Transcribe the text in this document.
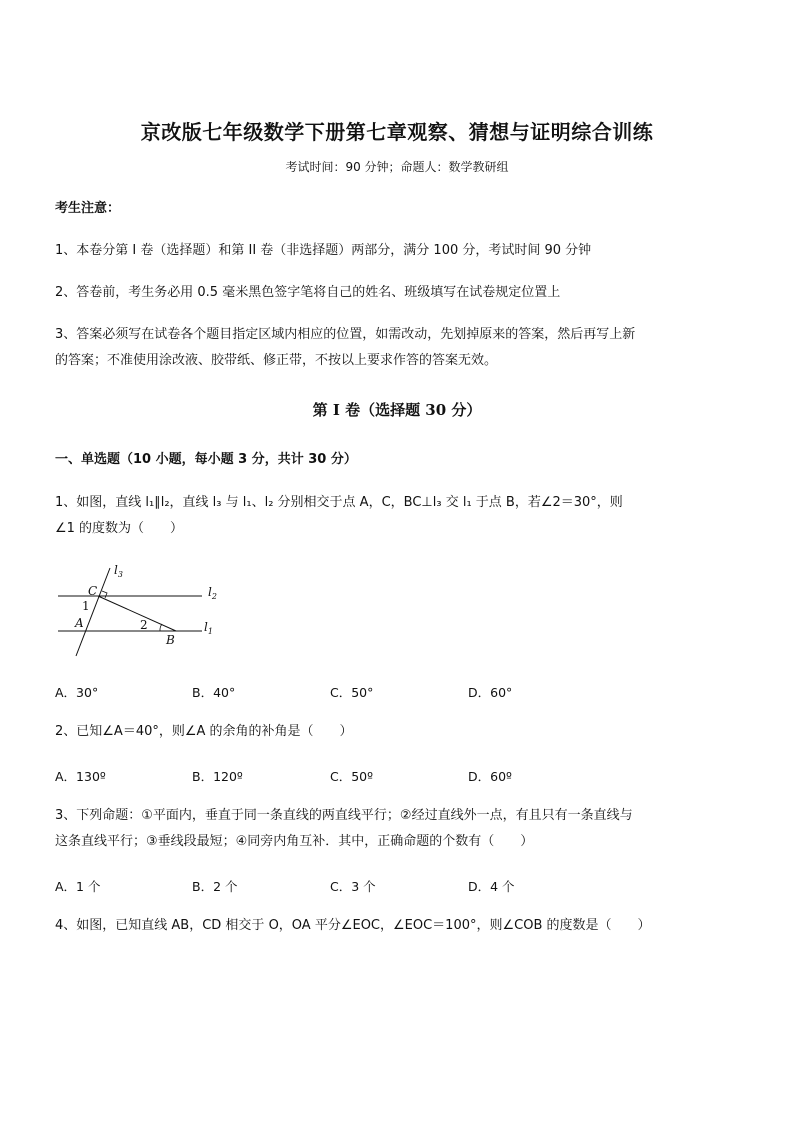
京改版七年级数学下册第七章观察、猜想与证明综合训练
考试时间：90 分钟；命题人：数学教研组
考生注意：
1、本卷分第 I 卷（选择题）和第 II 卷（非选择题）两部分，满分 100 分，考试时间 90 分钟
2、答卷前，考生务必用 0.5 毫米黑色签字笔将自己的姓名、班级填写在试卷规定位置上
3、答案必须写在试卷各个题目指定区域内相应的位置，如需改动，先划掉原来的答案，然后再写上新
的答案；不准使用涂改液、胶带纸、修正带，不按以上要求作答的答案无效。
第 I 卷（选择题 30 分）
一、单选题（10 小题，每小题 3 分，共计 30 分）
1、如图，直线 l₁∥l₂，直线 l₃ 与 l₁、l₂ 分别相交于点 A，C，BC⊥l₃ 交 l₁ 于点 B，若∠2＝30°，则
∠1 的度数为（　　）
$l_3$
$l_2$
$l_1$
C
A
B
1
2
A．30°	B．40°	C．50°	D．60°
2、已知∠A＝40°，则∠A 的余角的补角是（　　）
A．130º	B．120º	C．50º	D．60º
3、下列命题：①平面内，垂直于同一条直线的两直线平行；②经过直线外一点，有且只有一条直线与
这条直线平行；③垂线段最短；④同旁内角互补．其中，正确命题的个数有（　　）
A．1 个	B．2 个	C．3 个	D．4 个
4、如图，已知直线 AB，CD 相交于 O，OA 平分∠EOC，∠EOC＝100°，则∠COB 的度数是（　　）
